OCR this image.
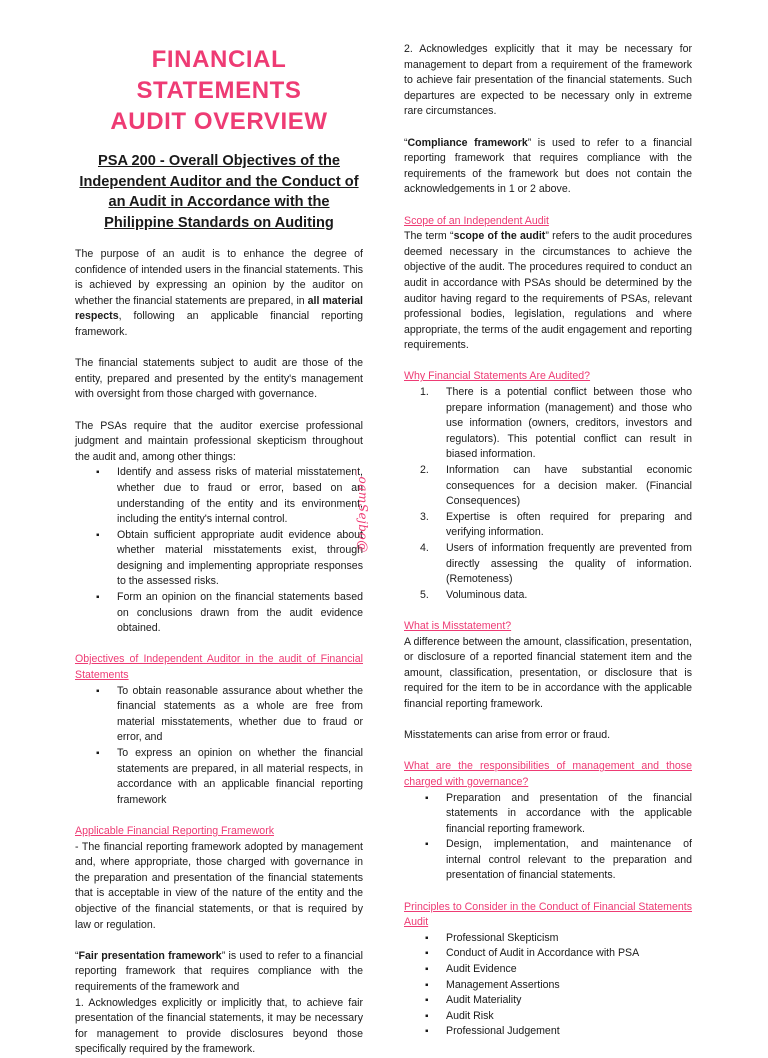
FINANCIAL STATEMENTS
AUDIT OVERVIEW
PSA 200 - Overall Objectives of the Independent Auditor and the Conduct of an Audit in Accordance with the Philippine Standards on Auditing

The purpose of an audit is to enhance the degree of confidence of intended users in the financial statements. This is achieved by expressing an opinion by the auditor on whether the financial statements are prepared, in all material respects, following an applicable financial reporting framework.

The financial statements subject to audit are those of the entity, prepared and presented by the entity's management with oversight from those charged with governance.

The PSAs require that the auditor exercise professional judgment and maintain professional skepticism throughout the audit and, among other things:

▪ Identify and assess risks of material misstatement, whether due to fraud or error, based on an understanding of the entity and its environment, including the entity's internal control.
▪ Obtain sufficient appropriate audit evidence about whether material misstatements exist, through designing and implementing appropriate responses to the assessed risks.
▪ Form an opinion on the financial statements based on conclusions drawn from the audit evidence obtained.

Objectives of Independent Auditor in the audit of Financial Statements

▪ To obtain reasonable assurance about whether the financial statements as a whole are free from material misstatements, whether due to fraud or error, and
▪ To express an opinion on whether the financial statements are prepared, in all material respects, in accordance with an applicable financial reporting framework

Applicable Financial Reporting Framework

- The financial reporting framework adopted by management and, where appropriate, those charged with governance in the preparation and presentation of the financial statements that is acceptable in view of the nature of the entity and the objective of the financial statements, or that is required by law or regulation.

“Fair presentation framework” is used to refer to a financial reporting framework that requires compliance with the requirements of the framework and

1. Acknowledges explicitly or implicitly that, to achieve fair presentation of the financial statements, it may be necessary for management to provide disclosures beyond those specifically required by the framework.

_oamSejbo@

2. Acknowledges explicitly that it may be necessary for management to depart from a requirement of the framework to achieve fair presentation of the financial statements. Such departures are expected to be necessary only in extreme rare circumstances.

“Compliance framework” is used to refer to a financial reporting framework that requires compliance with the requirements of the framework but does not contain the acknowledgements in 1 or 2 above.

Scope of an Independent Audit

The term “scope of the audit” refers to the audit procedures deemed necessary in the circumstances to achieve the objective of the audit. The procedures required to conduct an audit in accordance with PSAs should be determined by the auditor having regard to the requirements of PSAs, relevant professional bodies, legislation, regulations and where appropriate, the terms of the audit engagement and reporting requirements.

Why Financial Statements Are Audited?

1. There is a potential conflict between those who prepare information (management) and those who use information (owners, creditors, investors and regulators). This potential conflict can result in biased information.
2. Information can have substantial economic consequences for a decision maker. (Financial Consequences)
3. Expertise is often required for preparing and verifying information.
4. Users of information frequently are prevented from directly assessing the quality of information. (Remoteness)
5. Voluminous data.

What is Misstatement?

A difference between the amount, classification, presentation, or disclosure of a reported financial statement item and the amount, classification, presentation, or disclosure that is required for the item to be in accordance with the applicable financial reporting framework.

Misstatements can arise from error or fraud.

What are the responsibilities of management and those charged with governance?

▪ Preparation and presentation of the financial statements in accordance with the applicable financial reporting framework.
▪ Design, implementation, and maintenance of internal control relevant to the preparation and presentation of financial statements.

Principles to Consider in the Conduct of Financial Statements Audit

▪ Professional Skepticism
▪ Conduct of Audit in Accordance with PSA
▪ Audit Evidence
▪ Management Assertions
▪ Audit Materiality
▪ Audit Risk
▪ Professional Judgement
